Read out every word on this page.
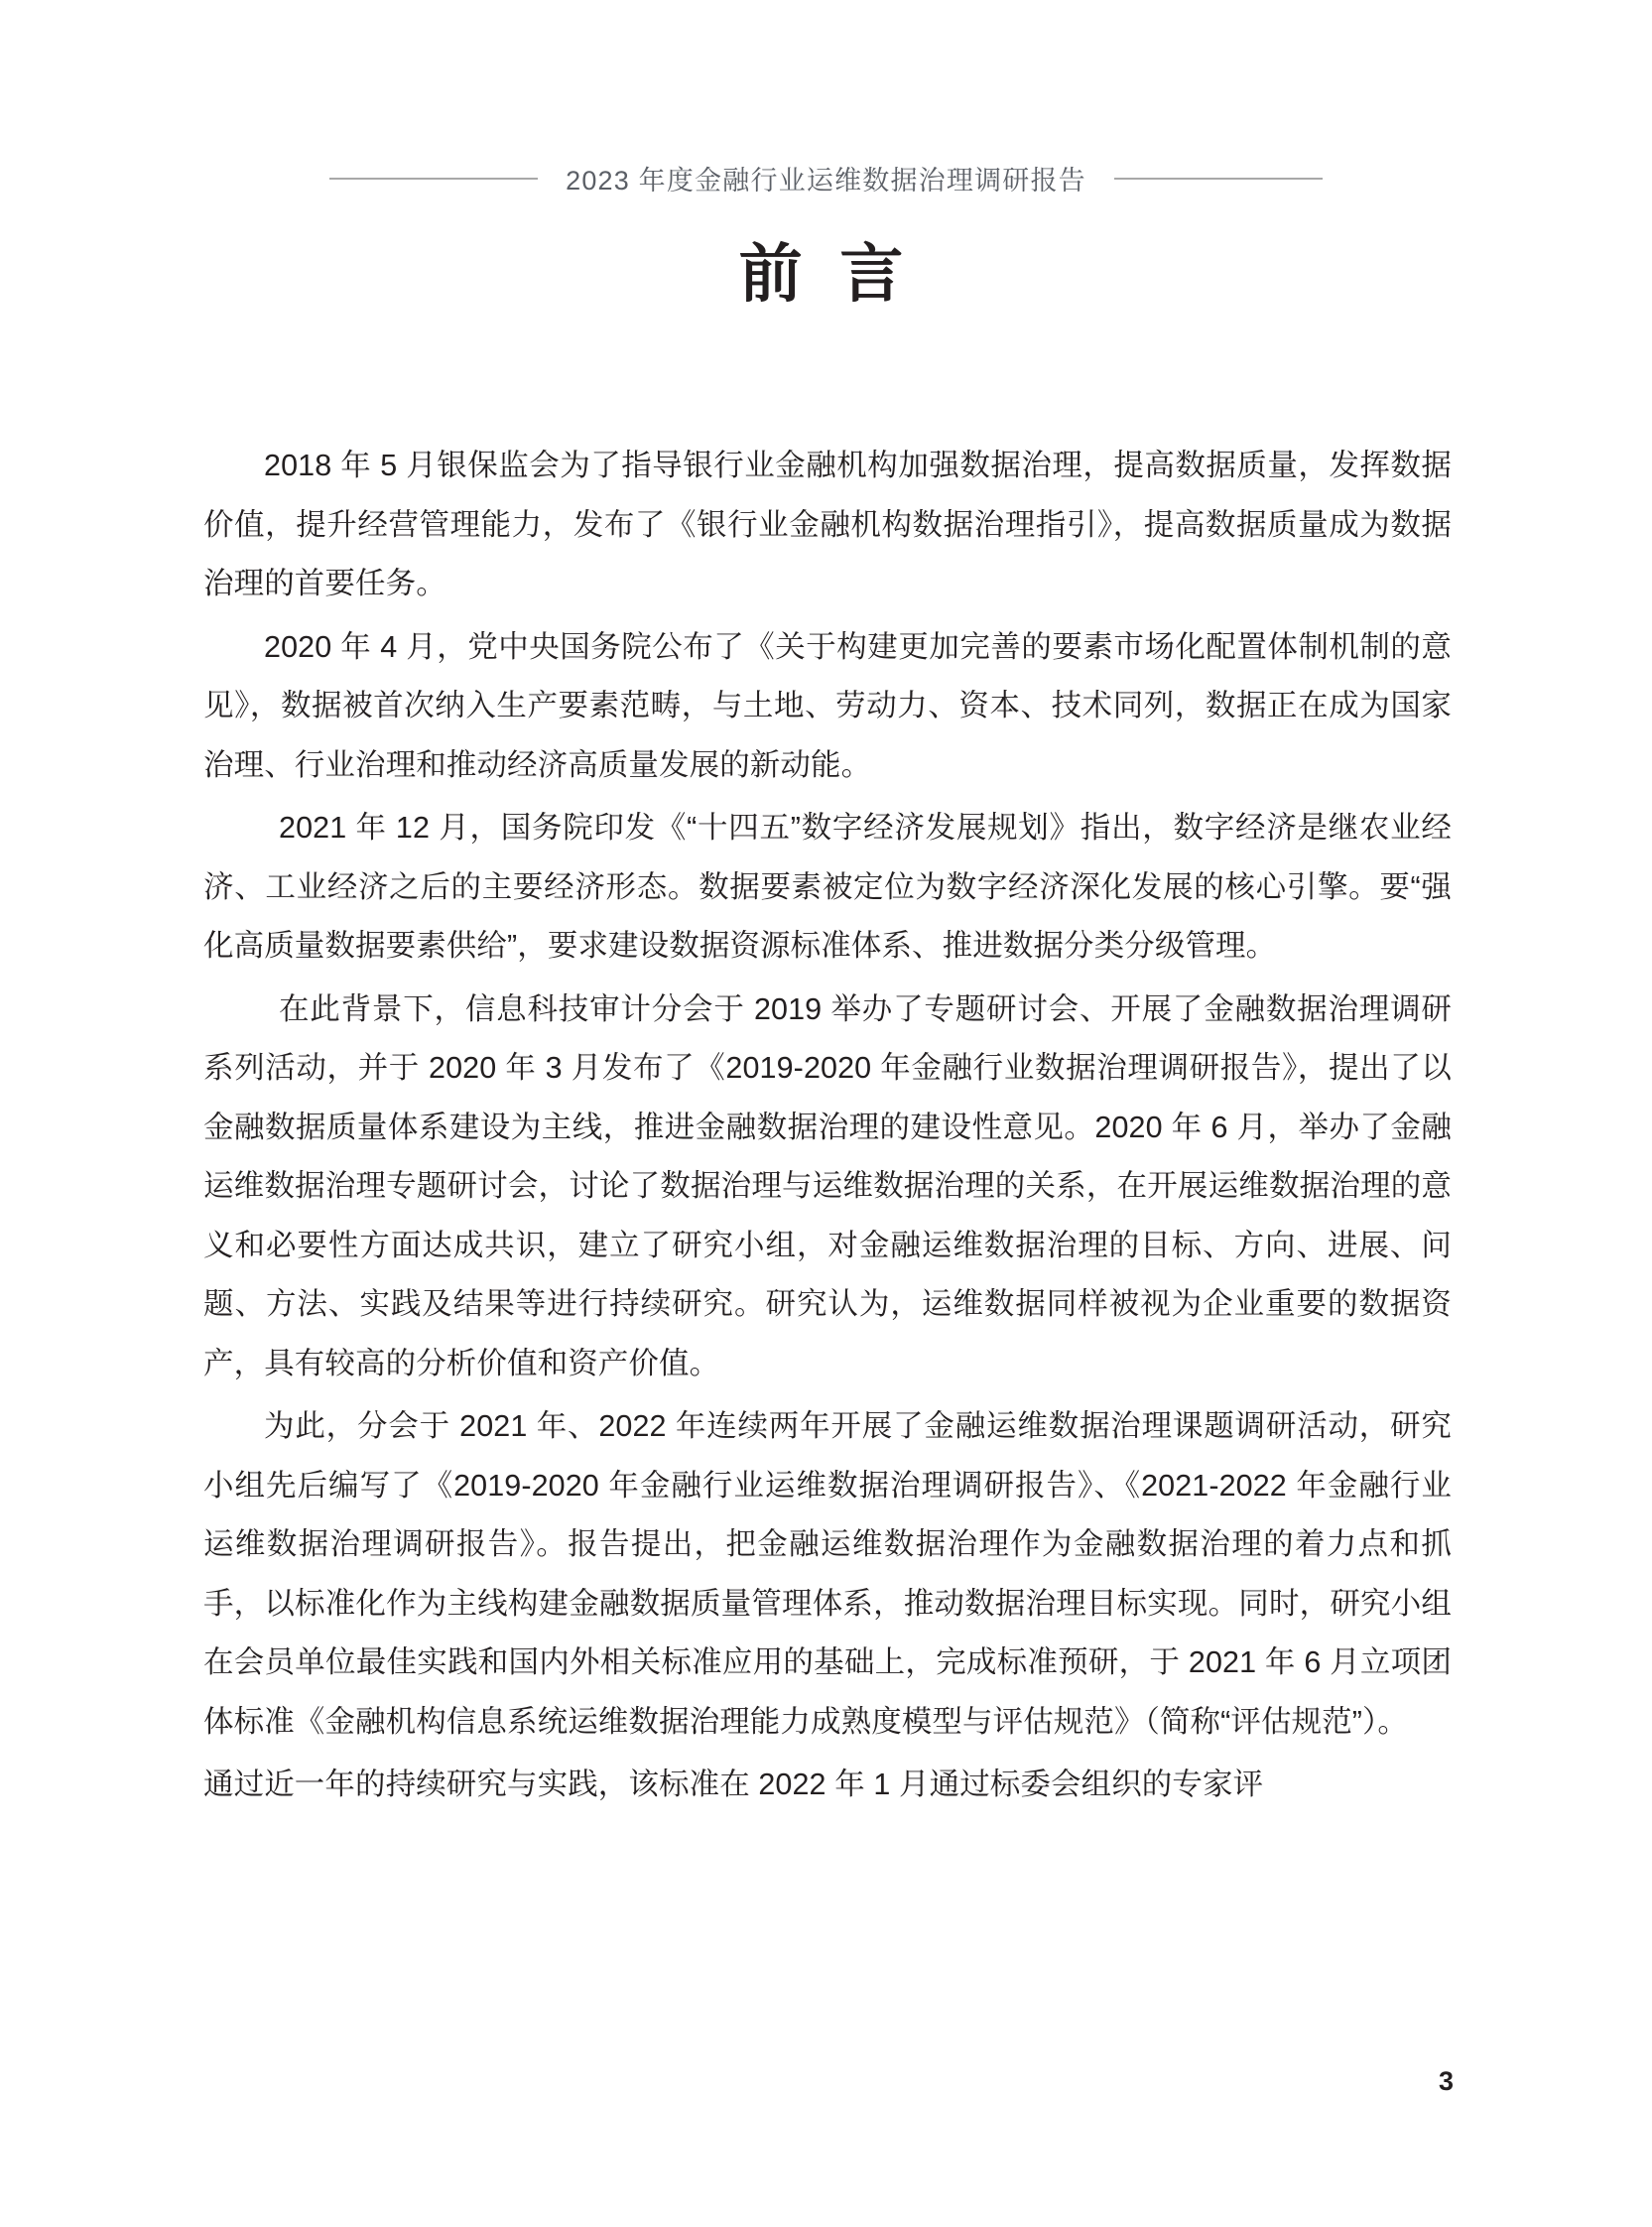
2023 年度金融行业运维数据治理调研报告
前 言

2018 年 5 月银保监会为了指导银行业金融机构加强数据治理，提高数据质量，发挥数据价值，提升经营管理能力，发布了《银行业金融机构数据治理指引》，提高数据质量成为数据治理的首要任务。

2020 年 4 月，党中央国务院公布了《关于构建更加完善的要素市场化配置体制机制的意见》，数据被首次纳入生产要素范畴，与土地、劳动力、资本、技术同列，数据正在成为国家治理、行业治理和推动经济高质量发展的新动能。

2021 年 12 月，国务院印发《“十四五”数字经济发展规划》指出，数字经济是继农业经济、工业经济之后的主要经济形态。数据要素被定位为数字经济深化发展的核心引擎。要“强化高质量数据要素供给”，要求建设数据资源标准体系、推进数据分类分级管理。

在此背景下，信息科技审计分会于 2019 举办了专题研讨会、开展了金融数据治理调研系列活动，并于 2020 年 3 月发布了《2019-2020 年金融行业数据治理调研报告》，提出了以金融数据质量体系建设为主线，推进金融数据治理的建设性意见。2020 年 6 月，举办了金融运维数据治理专题研讨会，讨论了数据治理与运维数据治理的关系，在开展运维数据治理的意义和必要性方面达成共识，建立了研究小组，对金融运维数据治理的目标、方向、进展、问题、方法、实践及结果等进行持续研究。研究认为，运维数据同样被视为企业重要的数据资产，具有较高的分析价值和资产价值。

为此，分会于 2021 年、2022 年连续两年开展了金融运维数据治理课题调研活动，研究小组先后编写了《2019-2020 年金融行业运维数据治理调研报告》、《2021-2022 年金融行业运维数据治理调研报告》。报告提出，把金融运维数据治理作为金融数据治理的着力点和抓手，以标准化作为主线构建金融数据质量管理体系，推动数据治理目标实现。同时，研究小组在会员单位最佳实践和国内外相关标准应用的基础上，完成标准预研，于 2021 年 6 月立项团体标准《金融机构信息系统运维数据治理能力成熟度模型与评估规范》（简称“评估规范”）。

通过近一年的持续研究与实践，该标准在 2022 年 1 月通过标委会组织的专家评

3
